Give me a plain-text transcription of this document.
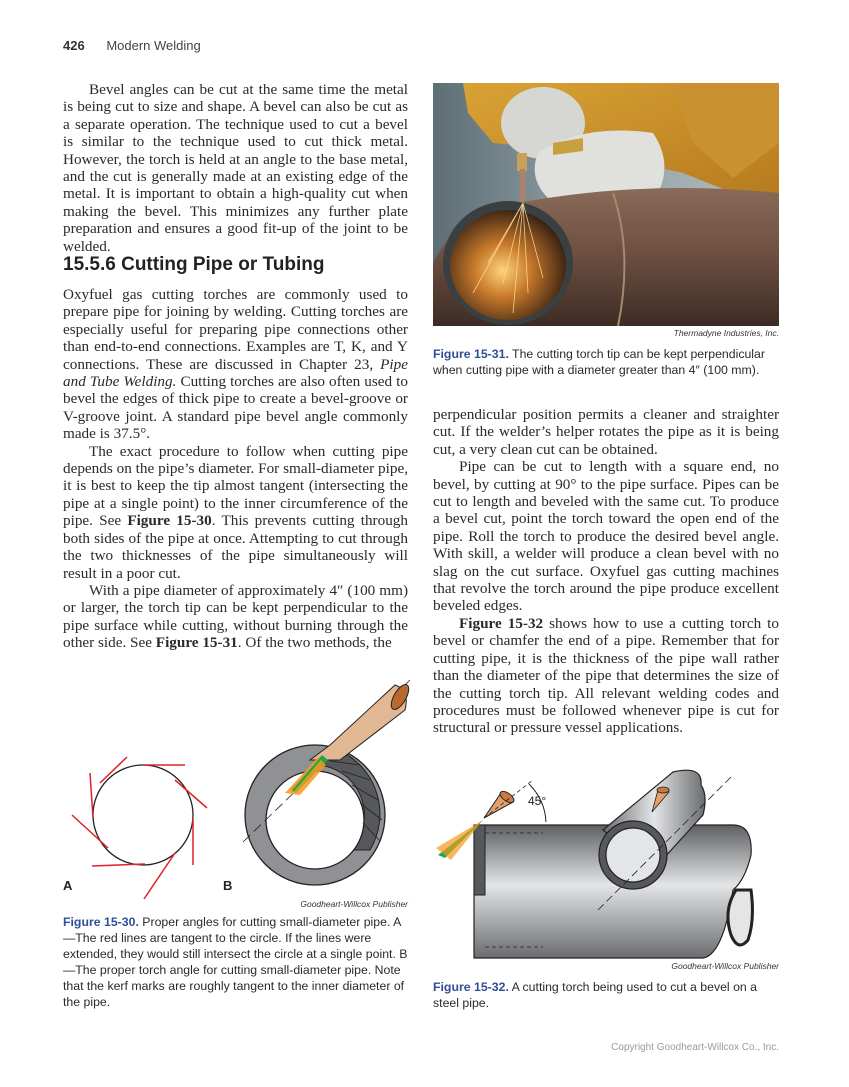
426 Modern Welding

Bevel angles can be cut at the same time the metal is being cut to size and shape. A bevel can also be cut as a separate operation. The technique used to cut a bevel is similar to the technique used to cut thick metal. However, the torch is held at an angle to the base metal, and the cut is generally made at an existing edge of the metal. It is important to obtain a high-quality cut when making the bevel. This minimizes any further plate preparation and ensures a good fit-up of the joint to be welded.

15.5.6 Cutting Pipe or Tubing

Oxyfuel gas cutting torches are commonly used to prepare pipe for joining by welding. Cutting torches are especially useful for preparing pipe connections other than end-to-end connections. Examples are T, K, and Y connections. These are discussed in Chapter 23, Pipe and Tube Welding. Cutting torches are also often used to bevel the edges of thick pipe to create a bevel-groove or V-groove joint. A standard pipe bevel angle commonly made is 37.5°.

The exact procedure to follow when cutting pipe depends on the pipe’s diameter. For small-diameter pipe, it is best to keep the tip almost tangent (intersecting the pipe at a single point) to the inner circumference of the pipe. See Figure 15-30. This prevents cutting through both sides of the pipe at once. Attempting to cut through the two thicknesses of the pipe simultaneously will result in a poor cut.

With a pipe diameter of approximately 4″ (100 mm) or larger, the torch tip can be kept perpendicular to the pipe surface while cutting, without burning through the other side. See Figure 15-31. Of the two methods, the

Thermadyne Industries, Inc.
Figure 15-31. The cutting torch tip can be kept perpendicular when cutting pipe with a diameter greater than 4″ (100 mm).

perpendicular position permits a cleaner and straighter cut. If the welder’s helper rotates the pipe as it is being cut, a very clean cut can be obtained.

Pipe can be cut to length with a square end, no bevel, by cutting at 90° to the pipe surface. Pipes can be cut to length and beveled with the same cut. To produce a bevel cut, point the torch toward the open end of the pipe. Roll the torch to produce the desired bevel angle. With skill, a welder will produce a clean bevel with no slag on the cut surface. Oxyfuel gas cutting machines that revolve the torch around the pipe produce excellent beveled edges.

Figure 15-32 shows how to use a cutting torch to bevel or chamfer the end of a pipe. Remember that for cutting pipe, it is the thickness of the pipe wall rather than the diameter of the pipe that determines the size of the cutting torch tip. All relevant welding codes and procedures must be followed whenever pipe is cut for structural or pressure vessel applications.

A	B
Goodheart-Willcox Publisher
Figure 15-30. Proper angles for cutting small-diameter pipe. A—The red lines are tangent to the circle. If the lines were extended, they would still intersect the circle at a single point. B—The proper torch angle for cutting small-diameter pipe. Note that the kerf marks are roughly tangent to the inner diameter of the pipe.
45°
Goodheart-Willcox Publisher
Figure 15-32. A cutting torch being used to cut a bevel on a steel pipe.
Copyright Goodheart-Willcox Co., Inc.
